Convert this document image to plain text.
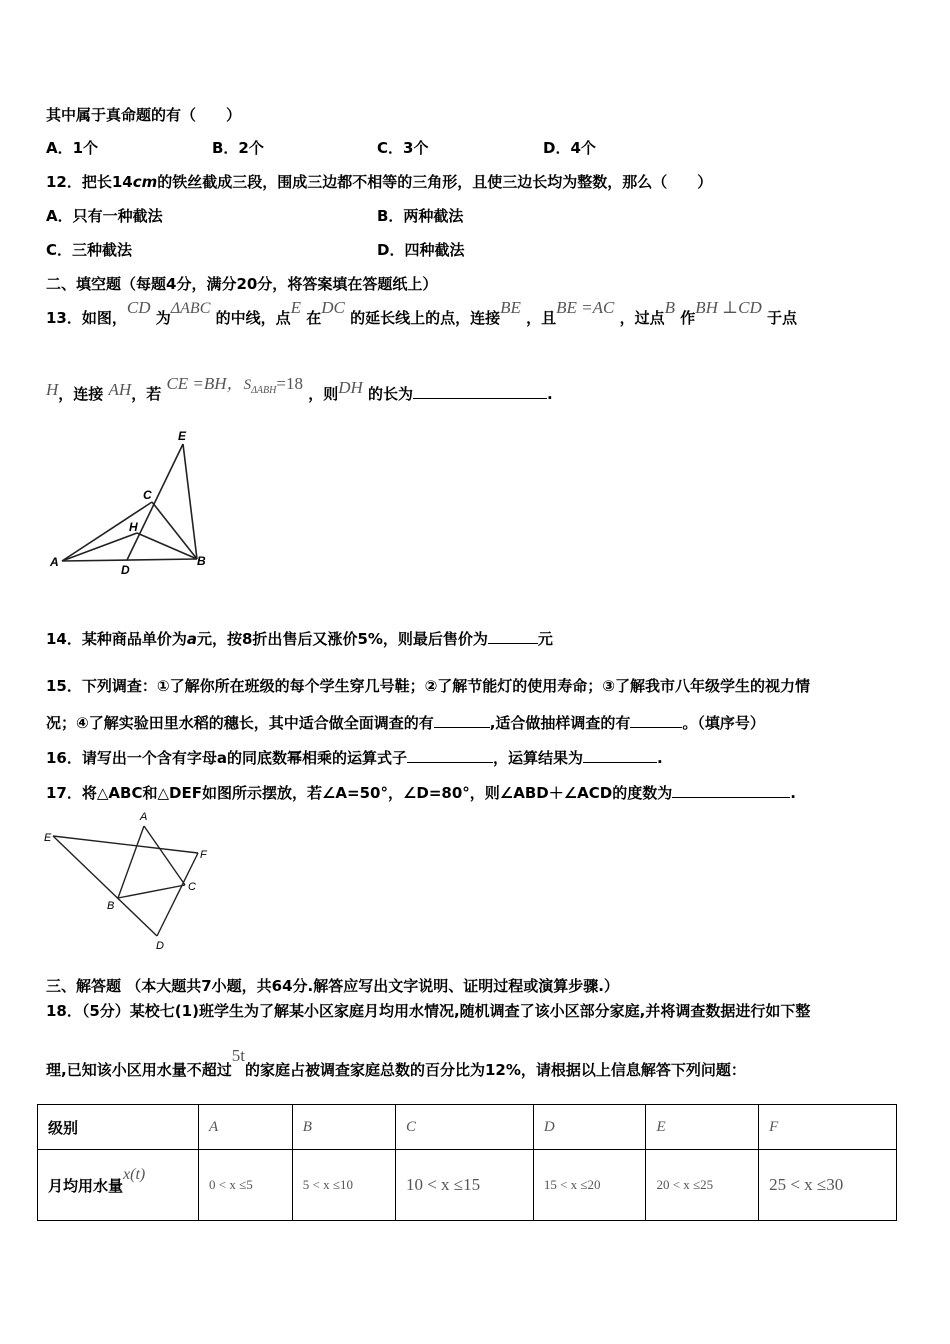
其中属于真命题的有（　　）
A．1个	B．2个	C．3个	D．4个
12．把长14cm的铁丝截成三段，围成三边都不相等的三角形，且使三边长均为整数，那么（　　）
A．只有一种截法	B．两种截法
C．三种截法	D．四种截法
二、填空题（每题4分，满分20分，将答案填在答题纸上）
13．如图，CD 为ΔABC 的中线，点E 在DC 的延长线上的点，连接BE ，且BE =AC ，过点B 作BH ⊥CD 于点
H，连接 AH，若 CE =BH，$S^{\Delta ABH}=18$ ，则DH 的长为	.
E
C
H
A
D
B
14．某种商品单价为a元，按8折出售后又涨价5%，则最后售价为	元
15．下列调查：①了解你所在班级的每个学生穿几号鞋；②了解节能灯的使用寿命；③了解我市八年级学生的视力情
况；④了解实验田里水稻的穗长，其中适合做全面调查的有	,适合做抽样调查的有	。（填序号）
16．请写出一个含有字母a的同底数幂相乘的运算式子	，运算结果为	.
17．将△ABC和△DEF如图所示摆放，若∠A=50°，∠D=80°，则∠ABD＋∠ACD的度数为	.
A
E
F
C
B
D
三、解答题 （本大题共7小题，共64分.解答应写出文字说明、证明过程或演算步骤.）
18．（5分）某校七(1)班学生为了解某小区家庭月均用水情况,随机调查了该小区部分家庭,并将调查数据进行如下整
理,已知该小区用水量不超过5t的家庭占被调查家庭总数的百分比为12%，请根据以上信息解答下列问题：
级别	A	B	C	D	E	F
月均用水量x(t)	0 < x ≤5	5 < x ≤10	10 < x ≤15	15 < x ≤20	20 < x ≤25	25 < x ≤30
